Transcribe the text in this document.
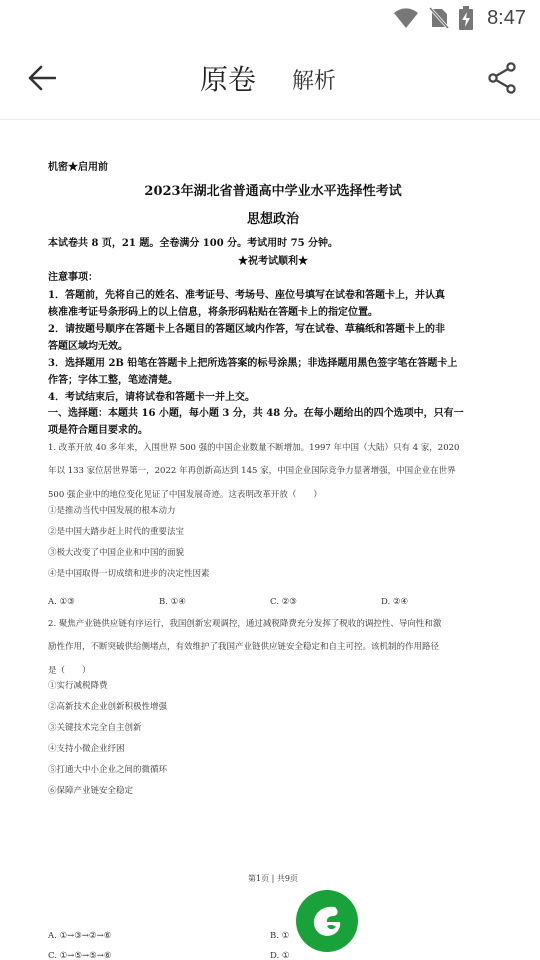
8:47
原卷 解析
机密★启用前
2023年湖北省普通高中学业水平选择性考试
思想政治
本试卷共 8 页，21 题。全卷满分 100 分。考试用时 75 分钟。
★祝考试顺利★
注意事项：
1．答题前，先将自己的姓名、准考证号、考场号、座位号填写在试卷和答题卡上，并认真
核准准考证号条形码上的以上信息，将条形码粘贴在答题卡上的指定位置。
2．请按题号顺序在答题卡上各题目的答题区域内作答，写在试卷、草稿纸和答题卡上的非
答题区域均无效。
3．选择题用 2B 铅笔在答题卡上把所选答案的标号涂黑；非选择题用黑色签字笔在答题卡上
作答；字体工整，笔迹清楚。
4．考试结束后，请将试卷和答题卡一并上交。
一、选择题：本题共 16 小题，每小题 3 分，共 48 分。在每小题给出的四个选项中，只有一
项是符合题目要求的。
1. 改革开放 40 多年来，入围世界 500 强的中国企业数量不断增加。1997 年中国（大陆）只有 4 家，2020
年以 133 家位居世界第一，2022 年再创新高达到 145 家，中国企业国际竞争力显著增强，中国企业在世界
500 强企业中的地位变化见证了中国发展奇迹。这表明改革开放（　　）
①是推动当代中国发展的根本动力
②是中国大踏步赶上时代的重要法宝
③极大改变了中国企业和中国的面貌
④是中国取得一切成绩和进步的决定性因素
A. ①③	B. ①④	C. ②③	D. ②④
2. 聚焦产业链供应链有序运行，我国创新宏观调控，通过减税降费充分发挥了税收的调控性、导向性和激
励性作用，不断突破供给侧堵点，有效维护了我国产业链供应链安全稳定和自主可控。该机制的作用路径
是（　　）
①实行减税降费
②高新技术企业创新积极性增强
③关键技术完全自主创新
④支持小微企业纾困
⑤打通大中小企业之间的微循环
⑥保障产业链安全稳定
第1页 | 共9页
A. ①→③→②→⑥	B. ①
C. ①→⑤→⑤→⑥	D. ①
